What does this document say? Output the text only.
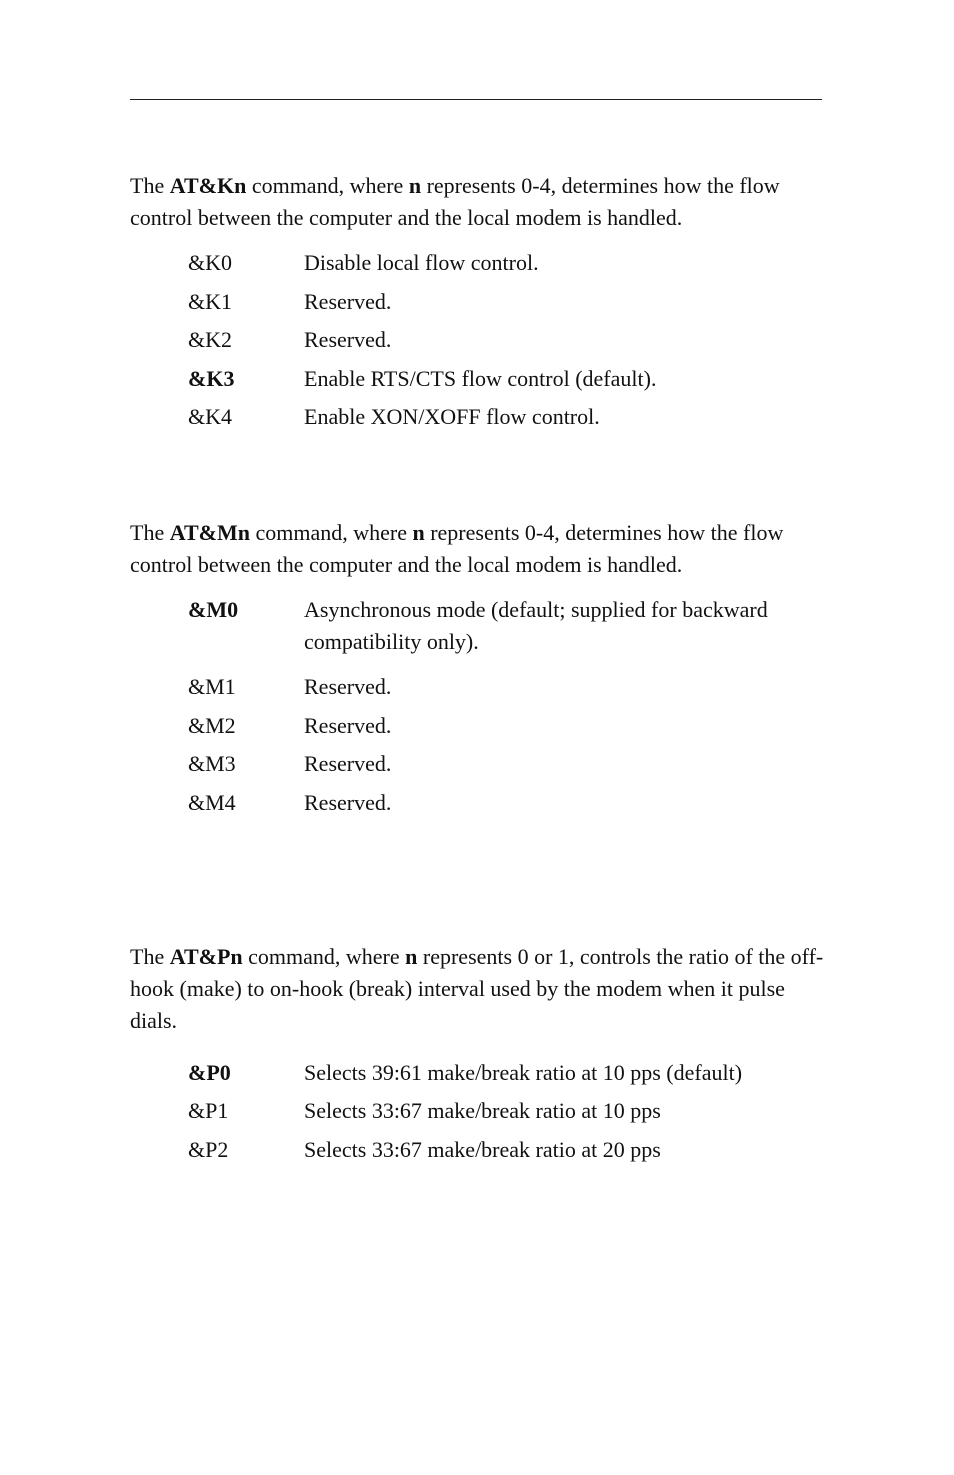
The AT&Kn command, where n represents 0-4, determines how the flow control between the computer and the local modem is handled.

&K0	Disable local flow control.
&K1	Reserved.
&K2	Reserved.
&K3	Enable RTS/CTS flow control (default).
&K4	Enable XON/XOFF flow control.

The AT&Mn command, where n represents 0-4, determines how the flow control between the computer and the local modem is handled.

&M0	Asynchronous mode (default; supplied for backward compatibility only).
&M1	Reserved.
&M2	Reserved.
&M3	Reserved.
&M4	Reserved.

The AT&Pn command, where n represents 0 or 1, controls the ratio of the off-hook (make) to on-hook (break) interval used by the modem when it pulse dials.

&P0	Selects 39:61 make/break ratio at 10 pps (default)
&P1	Selects 33:67 make/break ratio at 10 pps
&P2	Selects 33:67 make/break ratio at 20 pps
